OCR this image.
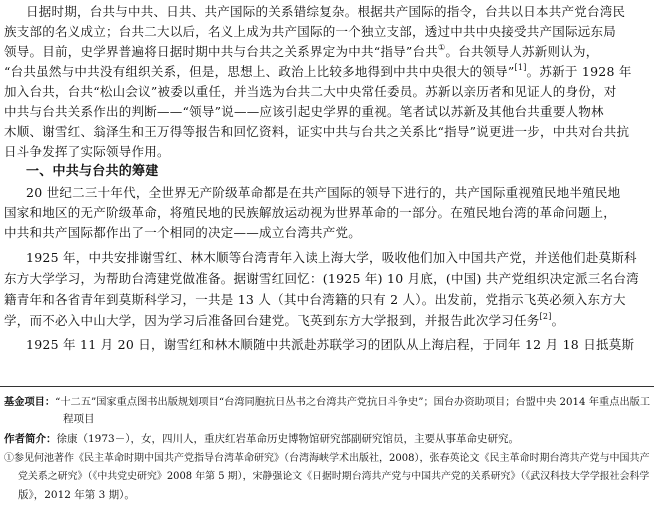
日据时期，台共与中共、日共、共产国际的关系错综复杂。根据共产国际的指令，台共以日本共产党台湾民
族支部的名义成立；台共二大以后，名义上成为共产国际的一个独立支部，透过中共中央接受共产国际远东局
领导。目前，史学界普遍将日据时期中共与台共之关系界定为中共“指导”台共①。台共领导人苏新则认为，
“台共虽然与中共没有组织关系，但是，思想上、政治上比较多地得到中共中央很大的领导”[1]。苏新于 1928 年
加入台共，台共“松山会议”被委以重任，并当选为台共二大中央常任委员。苏新以亲历者和见证人的身份，对
中共与台共关系作出的判断——“领导”说——应该引起史学界的重视。笔者试以苏新及其他台共重要人物林
木顺、谢雪红、翁泽生和王万得等报告和回忆资料，证实中共与台共之关系比“指导”说更进一步，中共对台共抗
日斗争发挥了实际领导作用。
一、中共与台共的筹建
20 世纪二三十年代，全世界无产阶级革命都是在共产国际的领导下进行的，共产国际重视殖民地半殖民地
国家和地区的无产阶级革命，将殖民地的民族解放运动视为世界革命的一部分。在殖民地台湾的革命问题上，
中共和共产国际都作出了一个相同的决定——成立台湾共产党。
1925 年，中共安排谢雪红、林木顺等台湾青年入读上海大学，吸收他们加入中国共产党，并送他们赴莫斯科
东方大学学习，为帮助台湾建党做准备。据谢雪红回忆：(1925 年) 10 月底，(中国) 共产党组织决定派三名台湾
籍青年和各省青年到莫斯科学习，一共是 13 人（其中台湾籍的只有 2 人）。出发前，党指示飞英必须入东方大
学，而不必入中山大学，因为学习后准备回台建党。飞英到东方大学报到，并报告此次学习任务[2]。
1925 年 11 月 20 日，谢雪红和林木顺随中共派赴苏联学习的团队从上海启程，于同年 12 月 18 日抵莫斯
基金项目：“十二五”国家重点图书出版规划项目“台湾同胞抗日丛书之台湾共产党抗日斗争史”；国台办资助项目；台盟中央 2014 年重点出版工
程项目
作者简介：徐康（1973－），女，四川人，重庆红岩革命历史博物馆研究部副研究馆员，主要从事革命史研究。
①参见何池著作《民主革命时期中国共产党指导台湾革命研究》（台湾海峡学术出版社，2008），张春英论文《民主革命时期台湾共产党与中国共产
党关系之研究》（《中共党史研究》2008 年第 5 期），宋静强论文《日据时期台湾共产党与中国共产党的关系研究》（《武汉科技大学学报社会科学
版》，2012 年第 3 期）。
